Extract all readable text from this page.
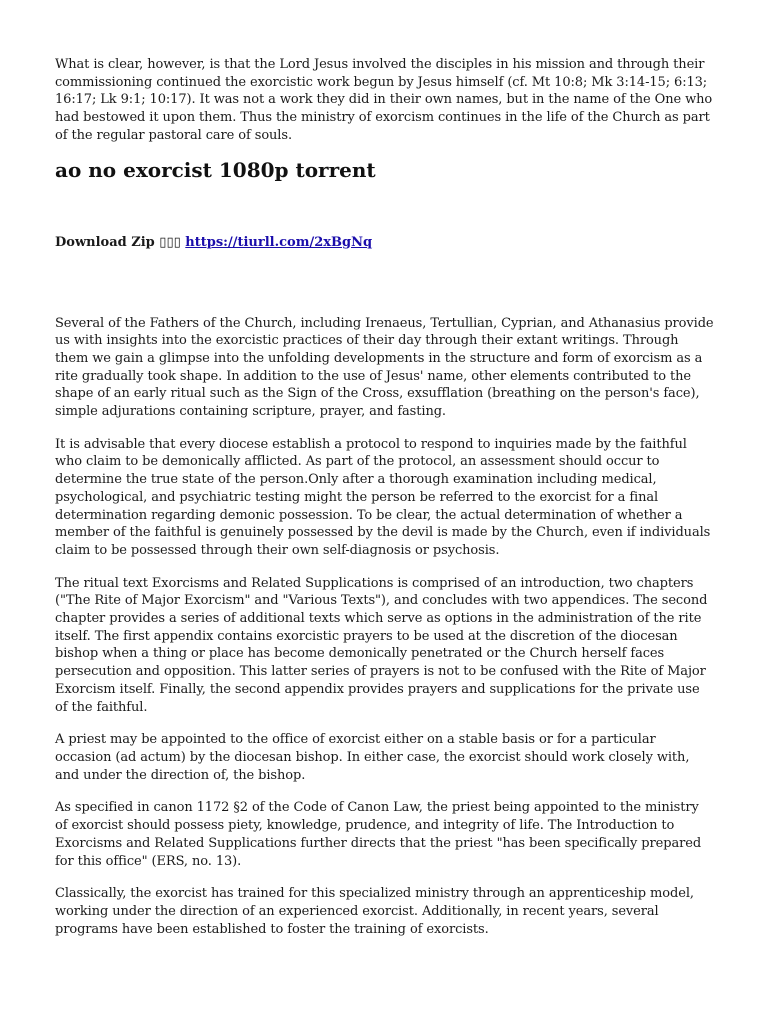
What is clear, however, is that the Lord Jesus involved the disciples in his mission and through their commissioning continued the exorcistic work begun by Jesus himself (cf. Mt 10:8; Mk 3:14-15; 6:13; 16:17; Lk 9:1; 10:17). It was not a work they did in their own names, but in the name of the One who had bestowed it upon them. Thus the ministry of exorcism continues in the life of the Church as part of the regular pastoral care of souls.

ao no exorcist 1080p torrent
Download Zip ▯▯▯ https://tiurll.com/2xBgNq

Several of the Fathers of the Church, including Irenaeus, Tertullian, Cyprian, and Athanasius provide us with insights into the exorcistic practices of their day through their extant writings. Through them we gain a glimpse into the unfolding developments in the structure and form of exorcism as a rite gradually took shape. In addition to the use of Jesus' name, other elements contributed to the shape of an early ritual such as the Sign of the Cross, exsufflation (breathing on the person's face), simple adjurations containing scripture, prayer, and fasting.

It is advisable that every diocese establish a protocol to respond to inquiries made by the faithful who claim to be demonically afflicted. As part of the protocol, an assessment should occur to determine the true state of the person.Only after a thorough examination including medical, psychological, and psychiatric testing might the person be referred to the exorcist for a final determination regarding demonic possession. To be clear, the actual determination of whether a member of the faithful is genuinely possessed by the devil is made by the Church, even if individuals claim to be possessed through their own self-diagnosis or psychosis.

The ritual text Exorcisms and Related Supplications is comprised of an introduction, two chapters ("The Rite of Major Exorcism" and "Various Texts"), and concludes with two appendices. The second chapter provides a series of additional texts which serve as options in the administration of the rite itself. The first appendix contains exorcistic prayers to be used at the discretion of the diocesan bishop when a thing or place has become demonically penetrated or the Church herself faces persecution and opposition. This latter series of prayers is not to be confused with the Rite of Major Exorcism itself. Finally, the second appendix provides prayers and supplications for the private use of the faithful.

A priest may be appointed to the office of exorcist either on a stable basis or for a particular occasion (ad actum) by the diocesan bishop. In either case, the exorcist should work closely with, and under the direction of, the bishop.

As specified in canon 1172 §2 of the Code of Canon Law, the priest being appointed to the ministry of exorcist should possess piety, knowledge, prudence, and integrity of life. The Introduction to Exorcisms and Related Supplications further directs that the priest "has been specifically prepared for this office" (ERS, no. 13).

Classically, the exorcist has trained for this specialized ministry through an apprenticeship model, working under the direction of an experienced exorcist. Additionally, in recent years, several programs have been established to foster the training of exorcists.
